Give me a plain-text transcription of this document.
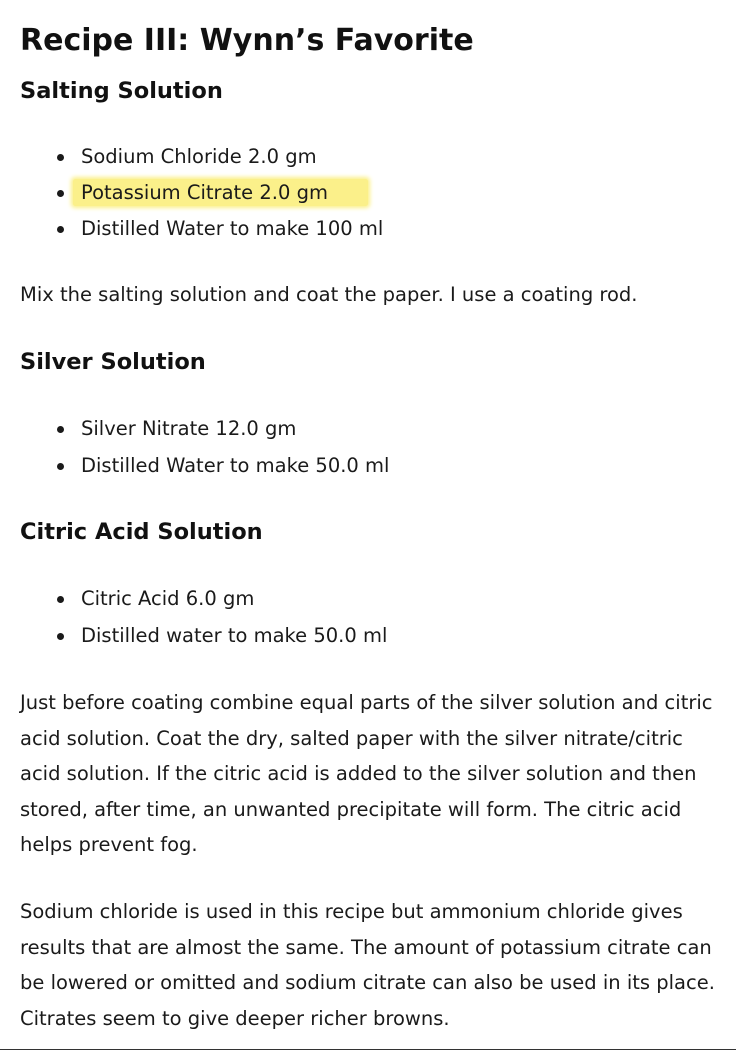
Recipe III: Wynn’s Favorite
Salting Solution
Sodium Chloride 2.0 gm
Potassium Citrate 2.0 gm
Distilled Water to make 100 ml

Mix the salting solution and coat the paper. I use a coating rod.

Silver Solution
Silver Nitrate 12.0 gm
Distilled Water to make 50.0 ml
Citric Acid Solution
Citric Acid 6.0 gm
Distilled water to make 50.0 ml

Just before coating combine equal parts of the silver solution and citric acid solution. Coat the dry, salted paper with the silver nitrate/citric acid solution. If the citric acid is added to the silver solution and then stored, after time, an unwanted precipitate will form. The citric acid helps prevent fog.

Sodium chloride is used in this recipe but ammonium chloride gives results that are almost the same. The amount of potassium citrate can be lowered or omitted and sodium citrate can also be used in its place. Citrates seem to give deeper richer browns.
